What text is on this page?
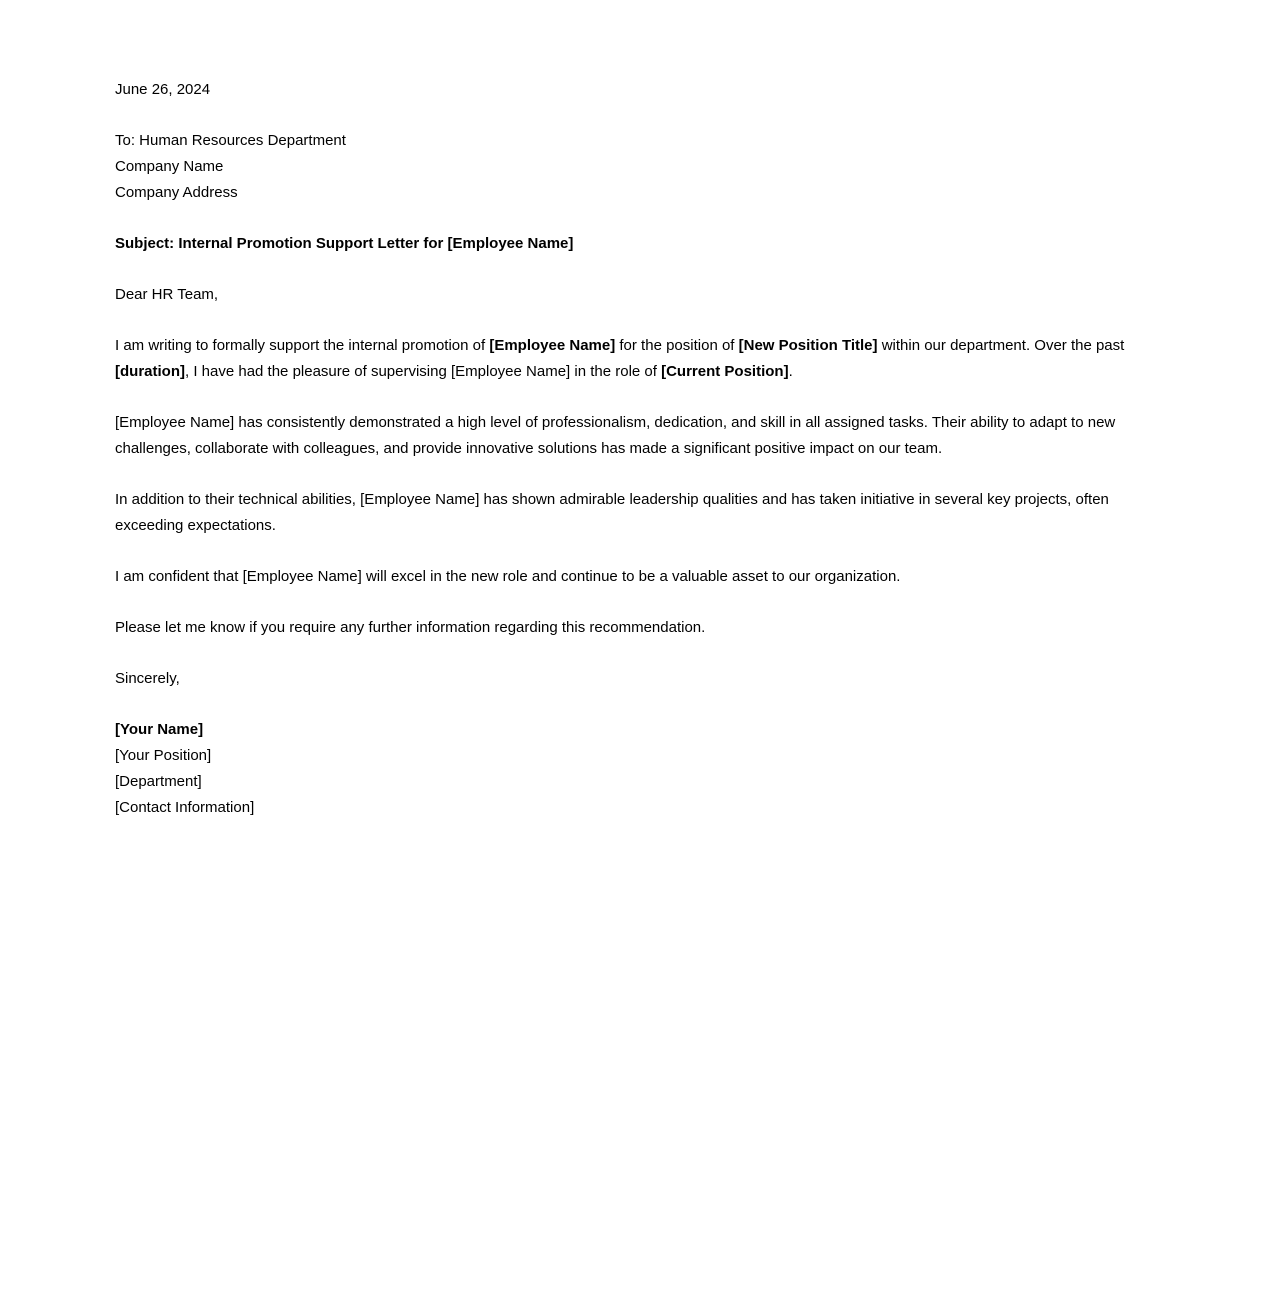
June 26, 2024

To: Human Resources Department
Company Name
Company Address

Subject: Internal Promotion Support Letter for [Employee Name]

Dear HR Team,

I am writing to formally support the internal promotion of [Employee Name] for the position of [New Position Title] within our department. Over the past [duration], I have had the pleasure of supervising [Employee Name] in the role of [Current Position].

[Employee Name] has consistently demonstrated a high level of professionalism, dedication, and skill in all assigned tasks. Their ability to adapt to new challenges, collaborate with colleagues, and provide innovative solutions has made a significant positive impact on our team.

In addition to their technical abilities, [Employee Name] has shown admirable leadership qualities and has taken initiative in several key projects, often exceeding expectations.

I am confident that [Employee Name] will excel in the new role and continue to be a valuable asset to our organization.

Please let me know if you require any further information regarding this recommendation.

Sincerely,

[Your Name]

[Your Position]

[Department]

[Contact Information]
